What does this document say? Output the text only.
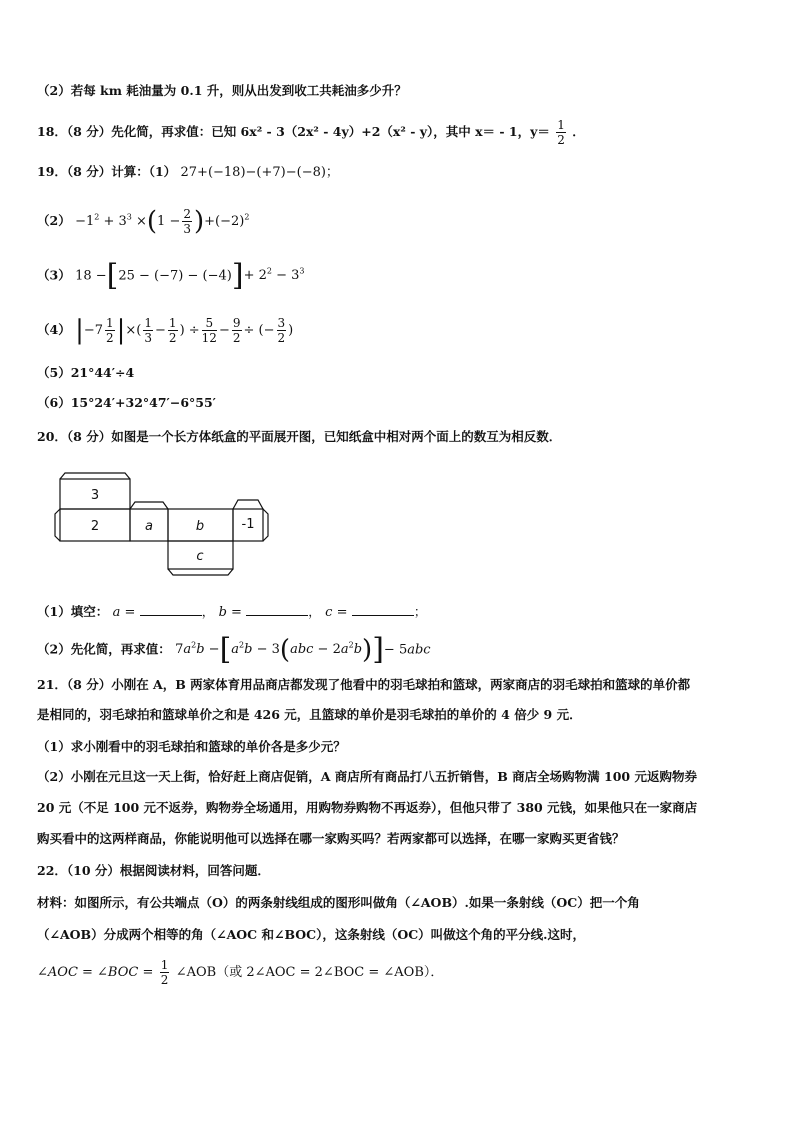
（2）若每 km 耗油量为 0.1 升，则从出发到收工共耗油多少升？
18．（8 分）先化简，再求值：已知 6x² - 3（2x² - 4y）+2（x² - y），其中 x＝ - 1，$y= \frac{1}{2}$ ．
19．（8 分）计算：（1） 27+(−18)−(+7)−(−8)；
$(2) -1^2 + 3^3 \times(1 - \frac{2}{3} )+(-2)^2$
（3） $18 -[25 - (-7) - (-4)]+ 2^2 - 3^3$
（4） $|-7 \frac{1}{2}$ |×( $\frac{1}{3} - \frac{1}{2}$ ) ÷ $\frac{5}{12} - \frac{9}{2}$ ÷ (− $\frac{3}{2}$ )
（5）21°44′÷4
（6）15°24′+32°47′−6°55′
20．（8 分）如图是一个长方体纸盒的平面展开图，已知纸盒中相对两个面上的数互为相反数．
3
2	a	b	-1
c
（1）填空： a =	， b =	， c =	；
（2）先化简，再求值： $7a^2b -[a^2b - 3(abc - 2a^2b)]- 5abc$
21．（8 分）小刚在 A，B 两家体育用品商店都发现了他看中的羽毛球拍和篮球，两家商店的羽毛球拍和篮球的单价都
是相同的，羽毛球拍和篮球单价之和是 426 元，且篮球的单价是羽毛球拍的单价的 4 倍少 9 元．
（1）求小刚看中的羽毛球拍和篮球的单价各是多少元？
（2）小刚在元旦这一天上街，恰好赶上商店促销，A 商店所有商品打八五折销售，B 商店全场购物满 100 元返购物券
20 元（不足 100 元不返券，购物券全场通用，用购物券购物不再返券），但他只带了 380 元钱，如果他只在一家商店
购买看中的这两样商品，你能说明他可以选择在哪一家购买吗？若两家都可以选择，在哪一家购买更省钱？
22．（10 分）根据阅读材料，回答问题．
材料：如图所示，有公共端点（O）的两条射线组成的图形叫做角（∠AOB）.如果一条射线（OC）把一个角
（∠AOB）分成两个相等的角（∠AOC 和∠BOC），这条射线（OC）叫做这个角的平分线.这时，
∠AOC = ∠BOC = $\frac{1}{2}$ ∠AOB（或 2∠AOC = 2∠BOC = ∠AOB）．
